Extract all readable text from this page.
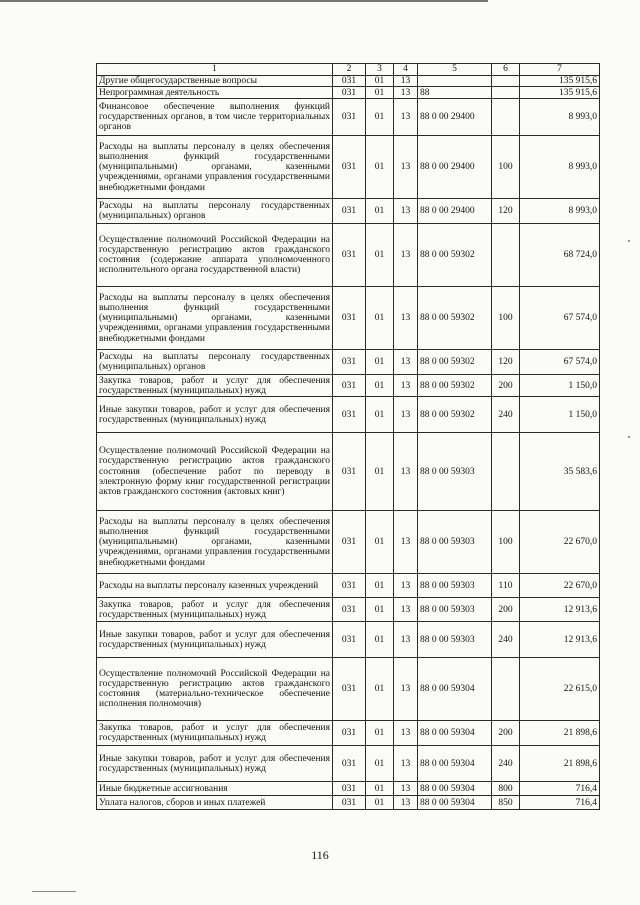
1	2	3	4	5	6	7
Другие общегосударственные вопросы	031	01	13			135 915,6
Непрограммная деятельность	031	01	13	88		135 915,6
Финансовое обеспечение выполнения функций государственных органов, в том числе территориальных органов	031	01	13	88 0 00 29400		8 993,0
Расходы на выплаты персоналу в целях обеспечения выполнения функций государственными (муниципальными) органами, казенными учреждениями, органами управления государственными внебюджетными фондами	031	01	13	88 0 00 29400	100	8 993,0
Расходы на выплаты персоналу государственных (муниципальных) органов	031	01	13	88 0 00 29400	120	8 993,0
Осуществление полномочий Российской Федерации на государственную регистрацию актов гражданского состояния (содержание аппарата уполномоченного исполнительного органа государственной власти)	031	01	13	88 0 00 59302		68 724,0
Расходы на выплаты персоналу в целях обеспечения выполнения функций государственными (муниципальными) органами, казенными учреждениями, органами управления государственными внебюджетными фондами	031	01	13	88 0 00 59302	100	67 574,0
Расходы на выплаты персоналу государственных (муниципальных) органов	031	01	13	88 0 00 59302	120	67 574,0
Закупка товаров, работ и услуг для обеспечения государственных (муниципальных) нужд	031	01	13	88 0 00 59302	200	1 150,0
Иные закупки товаров, работ и услуг для обеспечения государственных (муниципальных) нужд	031	01	13	88 0 00 59302	240	1 150,0
Осуществление полномочий Российской Федерации на государственную регистрацию актов гражданского состояния (обеспечение работ по переводу в электронную форму книг государственной регистрации актов гражданского состояния (актовых книг)	031	01	13	88 0 00 59303		35 583,6
Расходы на выплаты персоналу в целях обеспечения выполнения функций государственными (муниципальными) органами, казенными учреждениями, органами управления государственными внебюджетными фондами	031	01	13	88 0 00 59303	100	22 670,0
Расходы на выплаты персоналу казенных учреждений	031	01	13	88 0 00 59303	110	22 670,0
Закупка товаров, работ и услуг для обеспечения государственных (муниципальных) нужд	031	01	13	88 0 00 59303	200	12 913,6
Иные закупки товаров, работ и услуг для обеспечения государственных (муниципальных) нужд	031	01	13	88 0 00 59303	240	12 913,6
Осуществление полномочий Российской Федерации на государственную регистрацию актов гражданского состояния (материально-техническое обеспечение исполнения полномочия)	031	01	13	88 0 00 59304		22 615,0
Закупка товаров, работ и услуг для обеспечения государственных (муниципальных) нужд	031	01	13	88 0 00 59304	200	21 898,6
Иные закупки товаров, работ и услуг для обеспечения государственных (муниципальных) нужд	031	01	13	88 0 00 59304	240	21 898,6
Иные бюджетные ассигнования	031	01	13	88 0 00 59304	800	716,4
Уплата налогов, сборов и иных платежей	031	01	13	88 0 00 59304	850	716,4
116
